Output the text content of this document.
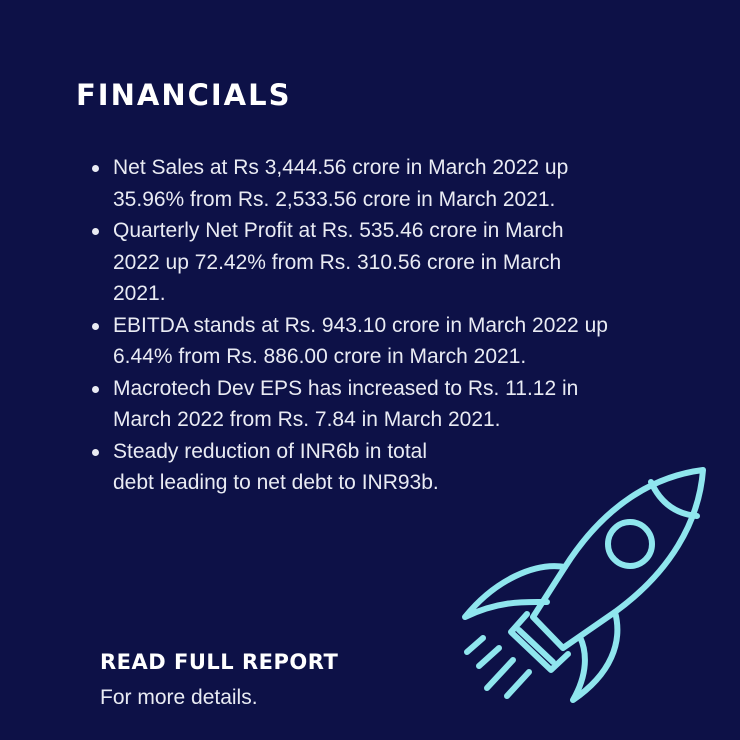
FINANCIALS
Net Sales at Rs 3,444.56 crore in March 2022 up 35.96% from Rs. 2,533.56 crore in March 2021.
Quarterly Net Profit at Rs. 535.46 crore in March 2022 up 72.42% from Rs. 310.56 crore in March 2021.
EBITDA stands at Rs. 943.10 crore in March 2022 up 6.44% from Rs. 886.00 crore in March 2021.
Macrotech Dev EPS has increased to Rs. 11.12 in March 2022 from Rs. 7.84 in March 2021.
Steady reduction of INR6b in total debt leading to net debt to INR93b.

READ FULL REPORT

For more details.
